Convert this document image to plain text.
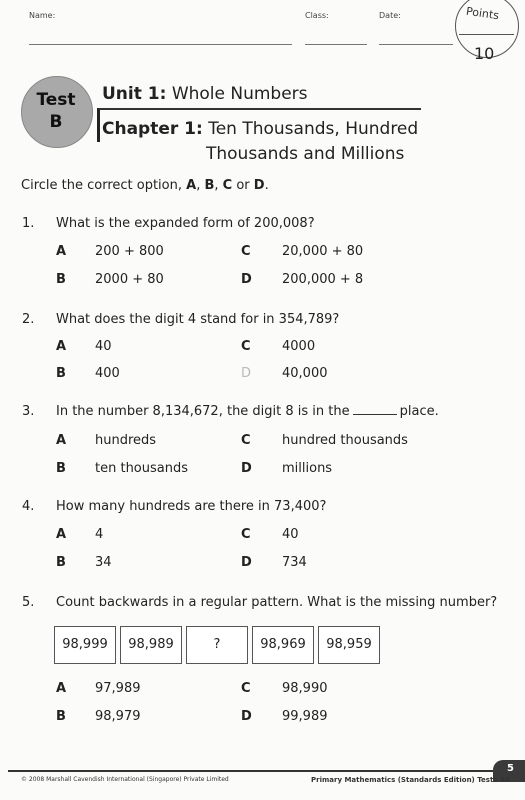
Name:	Class:	Date:	Points
10
Test
B
Unit 1: Whole Numbers
Chapter 1: Ten Thousands, Hundred
Thousands and Millions
Circle the correct option, A, B, C or D.
1. What is the expanded form of 200,008?
A 200 + 800	C 20,000 + 80
B 2000 + 80	D 200,000 + 8
2. What does the digit 4 stand for in 354,789?
A 40	C 4000
B 400	D 40,000
3. In the number 8,134,672, the digit 8 is in the	place.
A hundreds	C hundred thousands
B ten thousands	D millions
4. How many hundreds are there in 73,400?
A 4	C 40
B 34	D 734
5. Count backwards in a regular pattern. What is the missing number?
98,999	98,989	?	98,969	98,959
A 97,989	C 98,990
B 98,979	D 99,989
5
© 2008 Marshall Cavendish International (Singapore) Private Limited	Primary Mathematics (Standards Edition) Tests 4A
